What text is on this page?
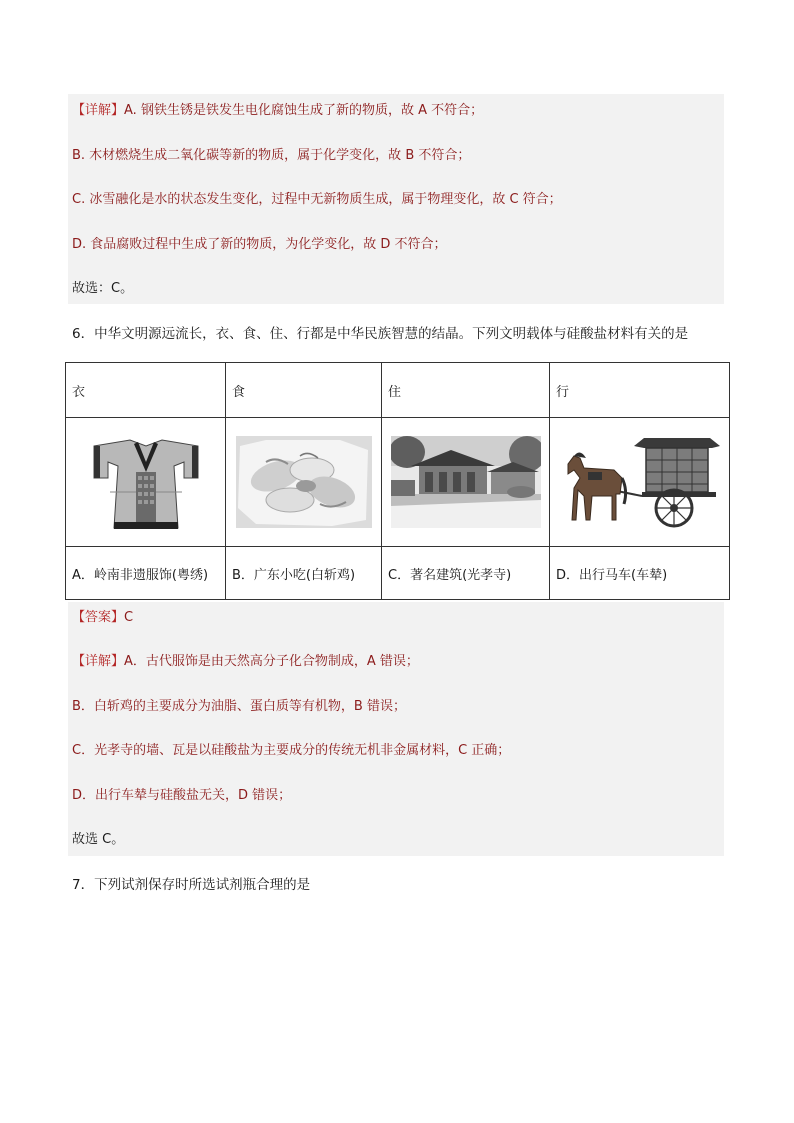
【详解】A. 钢铁生锈是铁发生电化腐蚀生成了新的物质，故 A 不符合；
B. 木材燃烧生成二氧化碳等新的物质，属于化学变化，故 B 不符合；
C. 冰雪融化是水的状态发生变化，过程中无新物质生成，属于物理变化，故 C 符合；
D. 食品腐败过程中生成了新的物质，为化学变化，故 D 不符合；
故选：C。
6．中华文明源远流长，衣、食、住、行都是中华民族智慧的结晶。下列文明载体与硅酸盐材料有关的是
衣	食	住	行

A．岭南非遗服饰(粤绣)	B．广东小吃(白斩鸡)	C．著名建筑(光孝寺)	D．出行马车(车辇)
【答案】C
【详解】A．古代服饰是由天然高分子化合物制成，A 错误；
B．白斩鸡的主要成分为油脂、蛋白质等有机物，B 错误；
C．光孝寺的墙、瓦是以硅酸盐为主要成分的传统无机非金属材料，C 正确；
D．出行车辇与硅酸盐无关，D 错误；
故选 C。
7．下列试剂保存时所选试剂瓶合理的是
